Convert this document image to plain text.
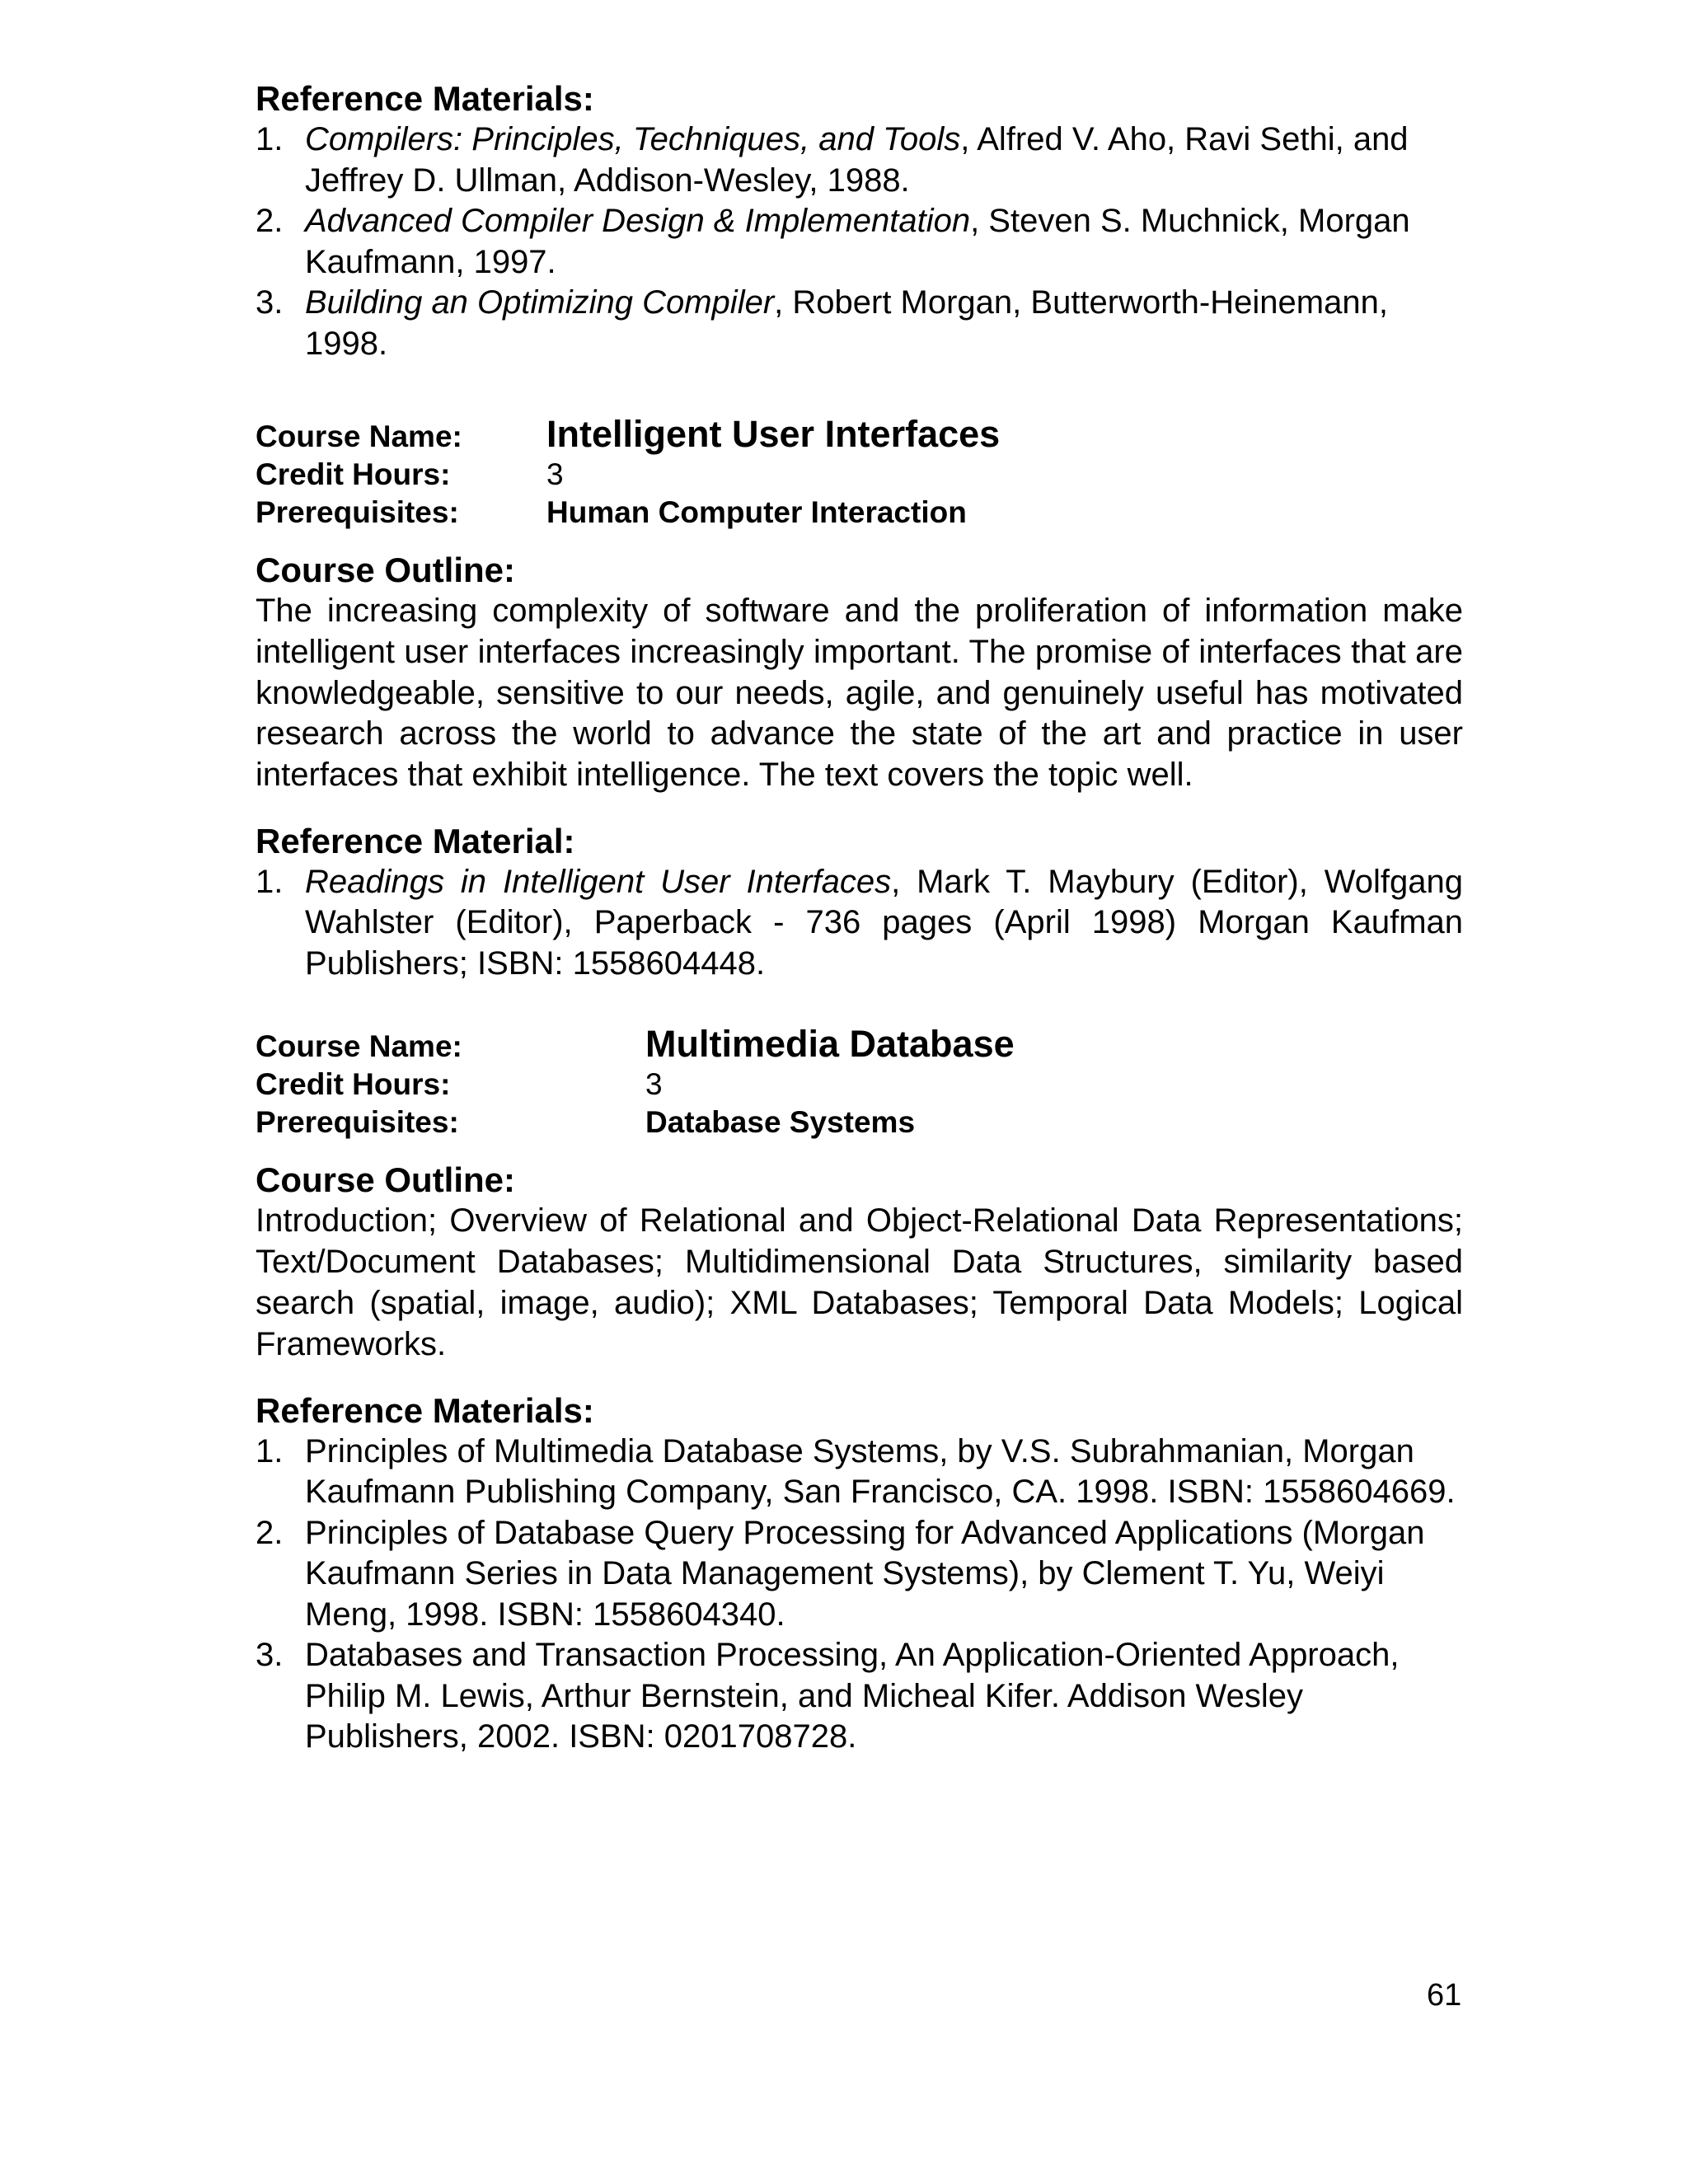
Reference Materials:
1. Compilers: Principles, Techniques, and Tools, Alfred V. Aho, Ravi Sethi, and Jeffrey D. Ullman, Addison-Wesley, 1988.
2. Advanced Compiler Design & Implementation, Steven S. Muchnick, Morgan Kaufmann, 1997.
3. Building an Optimizing Compiler, Robert Morgan, Butterworth-Heinemann, 1998.
Course Name:	Intelligent User Interfaces
Credit Hours:	3
Prerequisites:	Human Computer Interaction
Course Outline:

The increasing complexity of software and the proliferation of information make intelligent user interfaces increasingly important. The promise of interfaces that are knowledgeable, sensitive to our needs, agile, and genuinely useful has motivated research across the world to advance the state of the art and practice in user interfaces that exhibit intelligence. The text covers the topic well.

Reference Material:
1. Readings in Intelligent User Interfaces, Mark T. Maybury (Editor), Wolfgang Wahlster (Editor), Paperback - 736 pages (April 1998) Morgan Kaufman Publishers; ISBN: 1558604448.
Course Name:	Multimedia Database
Credit Hours:	3
Prerequisites:	Database Systems
Course Outline:

Introduction; Overview of Relational and Object-Relational Data Representations; Text/Document Databases; Multidimensional Data Structures, similarity based search (spatial, image, audio); XML Databases; Temporal Data Models; Logical Frameworks.

Reference Materials:
1. Principles of Multimedia Database Systems, by V.S. Subrahmanian, Morgan Kaufmann Publishing Company, San Francisco, CA. 1998. ISBN: 1558604669.
2. Principles of Database Query Processing for Advanced Applications (Morgan Kaufmann Series in Data Management Systems), by Clement T. Yu, Weiyi Meng, 1998. ISBN: 1558604340.
3. Databases and Transaction Processing, An Application-Oriented Approach, Philip M. Lewis, Arthur Bernstein, and Micheal Kifer. Addison Wesley Publishers, 2002. ISBN: 0201708728.
61
